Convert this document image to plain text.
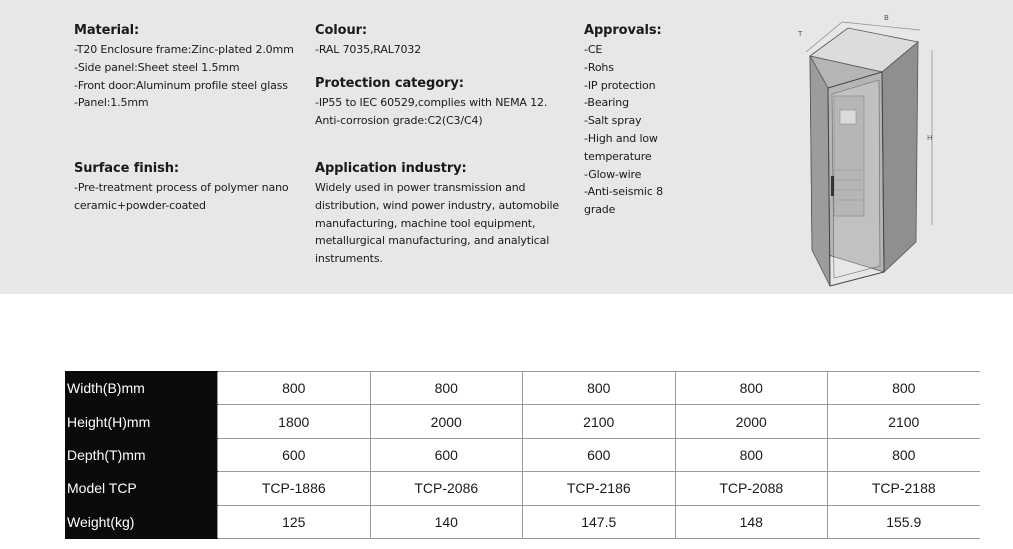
Material:

-T20 Enclosure frame:Zinc-plated 2.0mm

-Side panel:Sheet steel 1.5mm

-Front door:Aluminum profile steel glass

-Panel:1.5mm

Surface finish:

-Pre-treatment process of polymer nano

ceramic+powder-coated

Colour:

-RAL 7035,RAL7032

Protection category:

-IP55 to IEC 60529,complies with NEMA 12.

Anti-corrosion grade:C2(C3/C4)

Application industry:

Widely used in power transmission and

distribution, wind power industry, automobile

manufacturing, machine tool equipment,

metallurgical manufacturing, and analytical

instruments.

Approvals:

-CE

-Rohs

-IP protection

-Bearing

-Salt spray

-High and low

temperature

-Glow-wire

-Anti-seismic 8

grade

T
B
H
Width(B)mm	800	800	800	800	800
Height(H)mm	1800	2000	2100	2000	2100
Depth(T)mm	600	600	600	800	800
Model TCP	TCP-1886	TCP-2086	TCP-2186	TCP-2088	TCP-2188
Weight(kg)	125	140	147.5	148	155.9
